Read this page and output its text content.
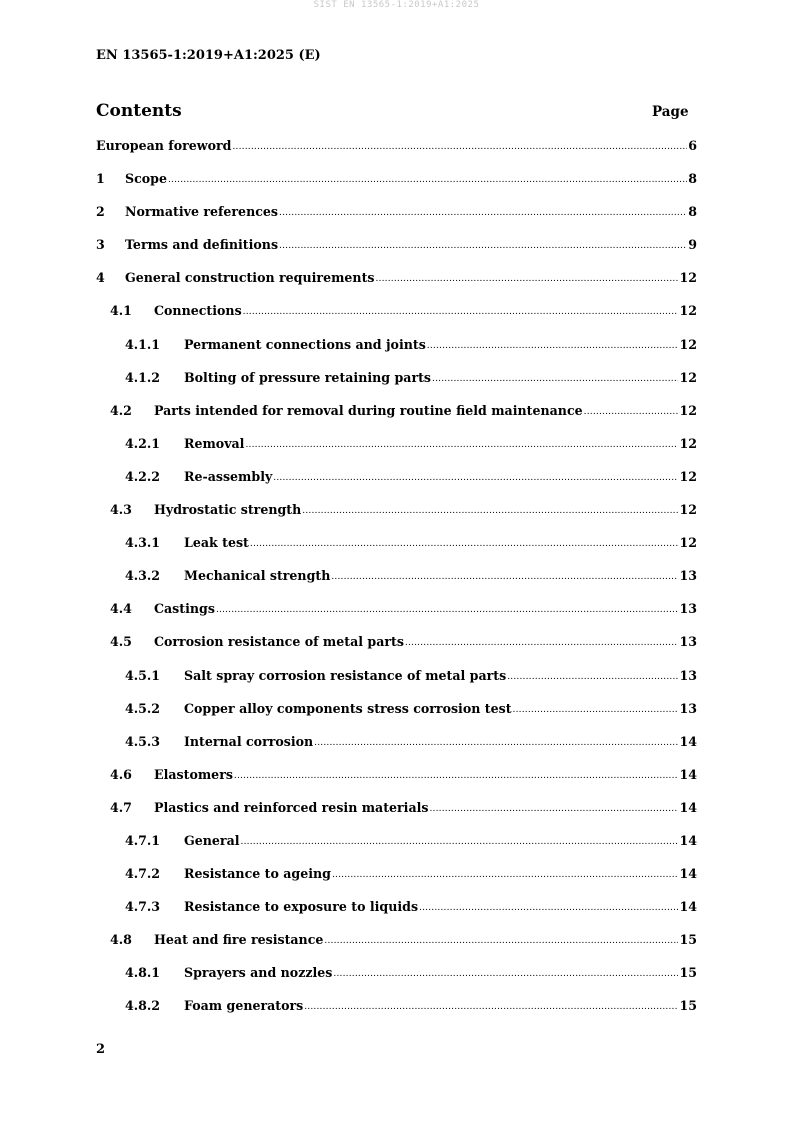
SIST EN 13565-1:2019+A1:2025
EN 13565-1:2019+A1:2025 (E)
Contents	Page
European foreword .....	6
1	Scope .....	8
2	Normative references .....	8
3	Terms and definitions .....	9
4	General construction requirements .....	12
4.1	Connections .....	12
4.1.1	Permanent connections and joints .....	12
4.1.2	Bolting of pressure retaining parts .....	12
4.2	Parts intended for removal during routine field maintenance .....	12
4.2.1	Removal .....	12
4.2.2	Re-assembly .....	12
4.3	Hydrostatic strength .....	12
4.3.1	Leak test .....	12
4.3.2	Mechanical strength .....	13
4.4	Castings .....	13
4.5	Corrosion resistance of metal parts .....	13
4.5.1	Salt spray corrosion resistance of metal parts .....	13
4.5.2	Copper alloy components stress corrosion test .....	13
4.5.3	Internal corrosion .....	14
4.6	Elastomers .....	14
4.7	Plastics and reinforced resin materials .....	14
4.7.1	General .....	14
4.7.2	Resistance to ageing .....	14
4.7.3	Resistance to exposure to liquids .....	14
4.8	Heat and fire resistance .....	15
4.8.1	Sprayers and nozzles .....	15
4.8.2	Foam generators .....	15
2
